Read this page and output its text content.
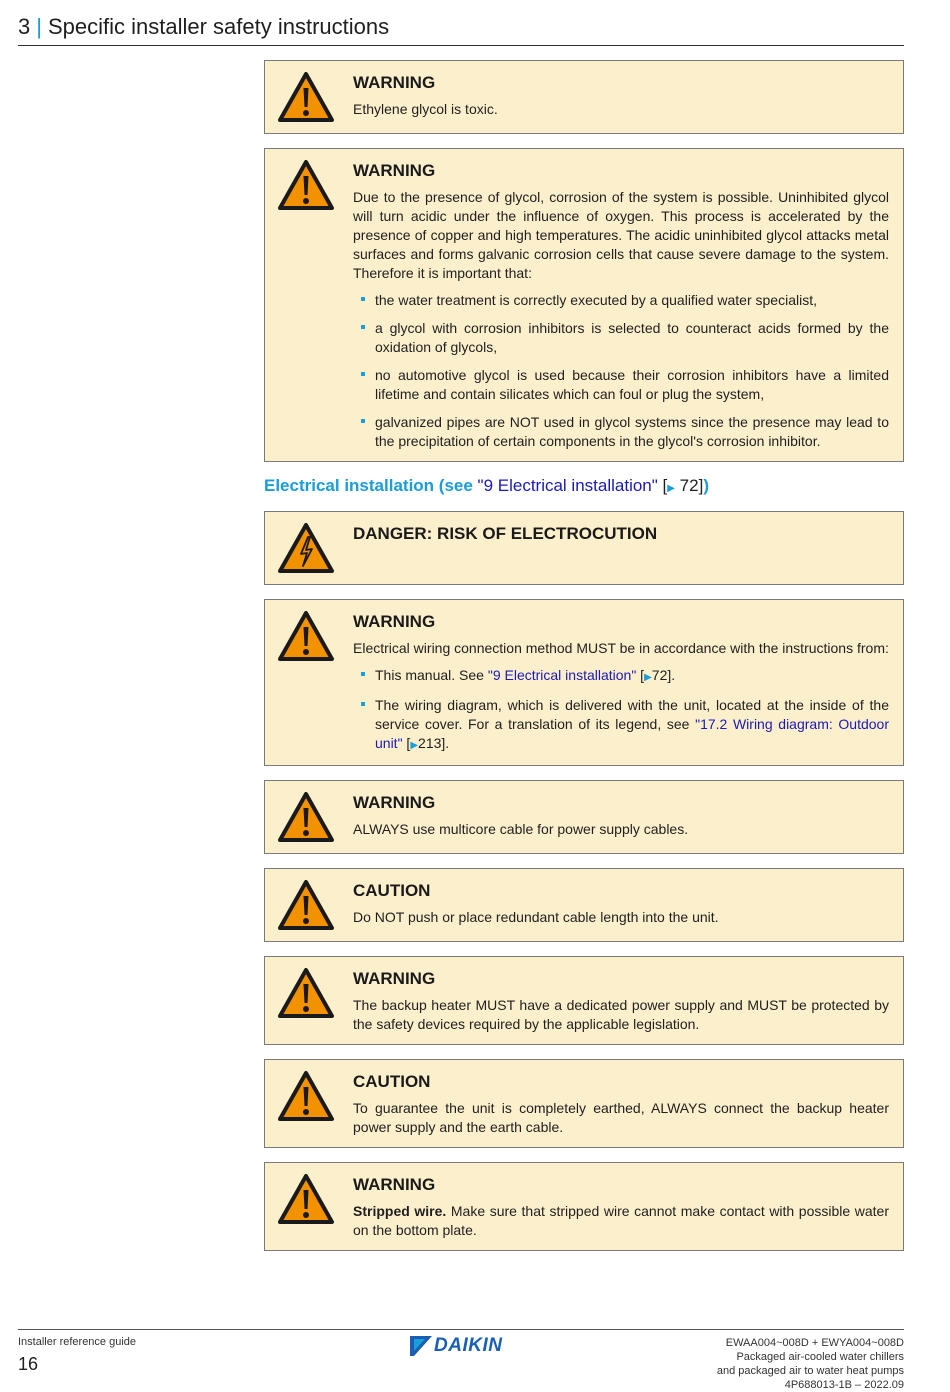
3 | Specific installer safety instructions
WARNING
Ethylene glycol is toxic.
WARNING
Due to the presence of glycol, corrosion of the system is possible. Uninhibited glycol will turn acidic under the influence of oxygen. This process is accelerated by the presence of copper and high temperatures. The acidic uninhibited glycol attacks metal surfaces and forms galvanic corrosion cells that cause severe damage to the system. Therefore it is important that:
the water treatment is correctly executed by a qualified water specialist,
a glycol with corrosion inhibitors is selected to counteract acids formed by the oxidation of glycols,
no automotive glycol is used because their corrosion inhibitors have a limited lifetime and contain silicates which can foul or plug the system,
galvanized pipes are NOT used in glycol systems since the presence may lead to the precipitation of certain components in the glycol's corrosion inhibitor.
Electrical installation (see "9 Electrical installation" [▶ 72])
DANGER: RISK OF ELECTROCUTION
WARNING
Electrical wiring connection method MUST be in accordance with the instructions from:
This manual. See "9 Electrical installation" [▶72].
The wiring diagram, which is delivered with the unit, located at the inside of the service cover. For a translation of its legend, see "17.2 Wiring diagram: Outdoor unit" [▶213].
WARNING
ALWAYS use multicore cable for power supply cables.
CAUTION
Do NOT push or place redundant cable length into the unit.
WARNING
The backup heater MUST have a dedicated power supply and MUST be protected by the safety devices required by the applicable legislation.
CAUTION
To guarantee the unit is completely earthed, ALWAYS connect the backup heater power supply and the earth cable.
WARNING
Stripped wire. Make sure that stripped wire cannot make contact with possible water on the bottom plate.
Installer reference guide
16
DAIKIN	EWAA004~008D + EWYA004~008D
Packaged air-cooled water chillers
and packaged air to water heat pumps
4P688013-1B – 2022.09
